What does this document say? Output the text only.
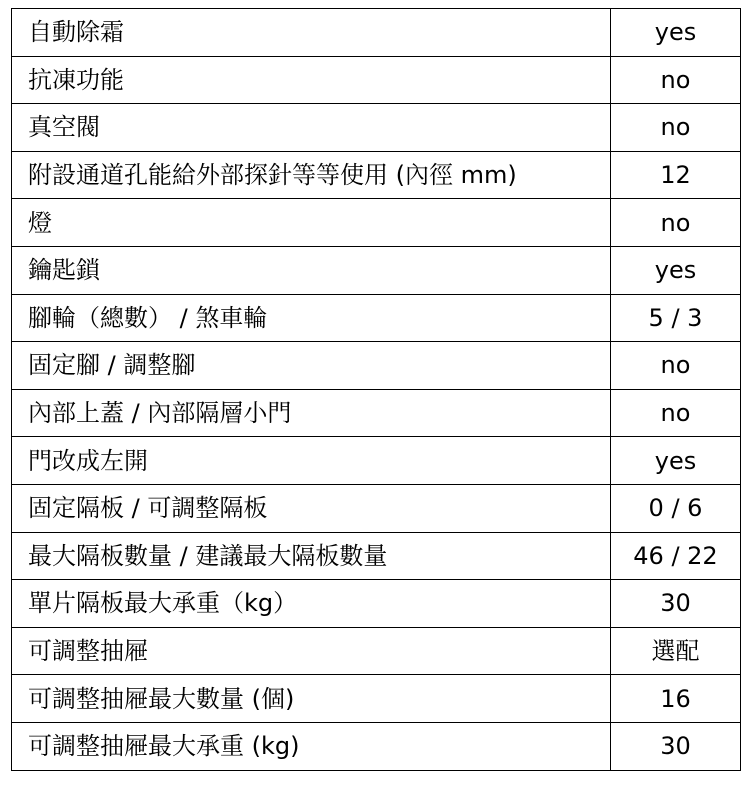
自動除霜	yes
抗凍功能	no
真空閥	no
附設通道孔能給外部探針等等使用 (內徑 mm)	12
燈	no
鑰匙鎖	yes
腳輪（總數） / 煞車輪	5 / 3
固定腳 / 調整腳	no
內部上蓋 / 內部隔層小門	no
門改成左開	yes
固定隔板 / 可調整隔板	0 / 6
最大隔板數量 / 建議最大隔板數量	46 / 22
單片隔板最大承重（kg）	30
可調整抽屜	選配
可調整抽屜最大數量 (個)	16
可調整抽屜最大承重 (kg)	30
